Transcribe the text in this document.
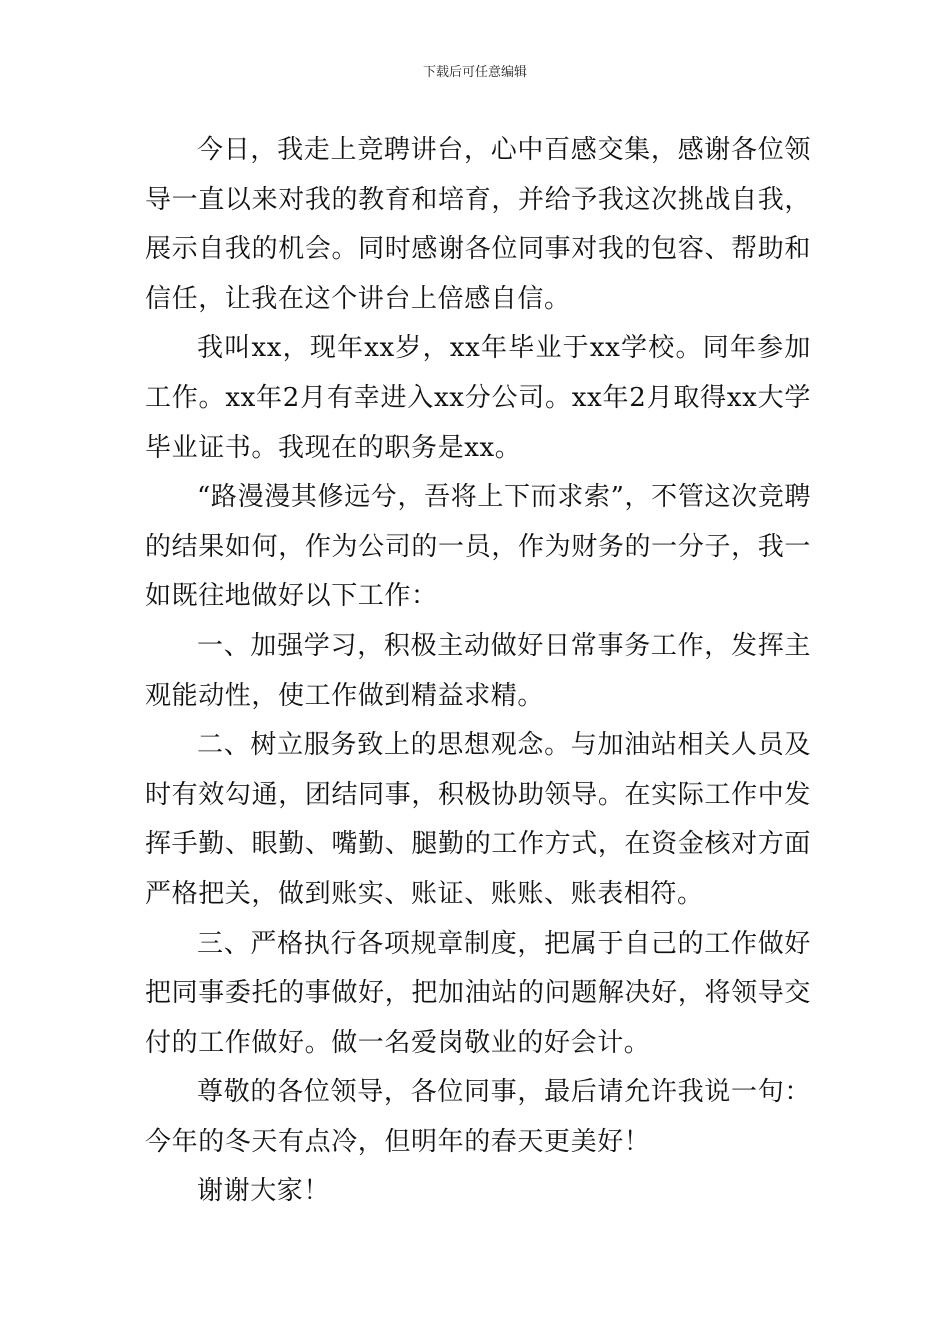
下载后可任意编辑

今日，我走上竞聘讲台，心中百感交集，感谢各位领导一直以来对我的教育和培育，并给予我这次挑战自我，展示自我的机会。同时感谢各位同事对我的包容、帮助和信任，让我在这个讲台上倍感自信。

我叫xx，现年xx岁，xx年毕业于xx学校。同年参加工作。xx年2月有幸进入xx分公司。xx年2月取得xx大学毕业证书。我现在的职务是xx。

“路漫漫其修远兮，吾将上下而求索”，不管这次竞聘的结果如何，作为公司的一员，作为财务的一分子，我一如既往地做好以下工作：

一、加强学习，积极主动做好日常事务工作，发挥主观能动性，使工作做到精益求精。

二、树立服务致上的思想观念。与加油站相关人员及时有效勾通，团结同事，积极协助领导。在实际工作中发挥手勤、眼勤、嘴勤、腿勤的工作方式，在资金核对方面严格把关，做到账实、账证、账账、账表相符。

三、严格执行各项规章制度，把属于自己的工作做好把同事委托的事做好，把加油站的问题解决好，将领导交付的工作做好。做一名爱岗敬业的好会计。

尊敬的各位领导，各位同事，最后请允许我说一句：今年的冬天有点冷，但明年的春天更美好！

谢谢大家！
